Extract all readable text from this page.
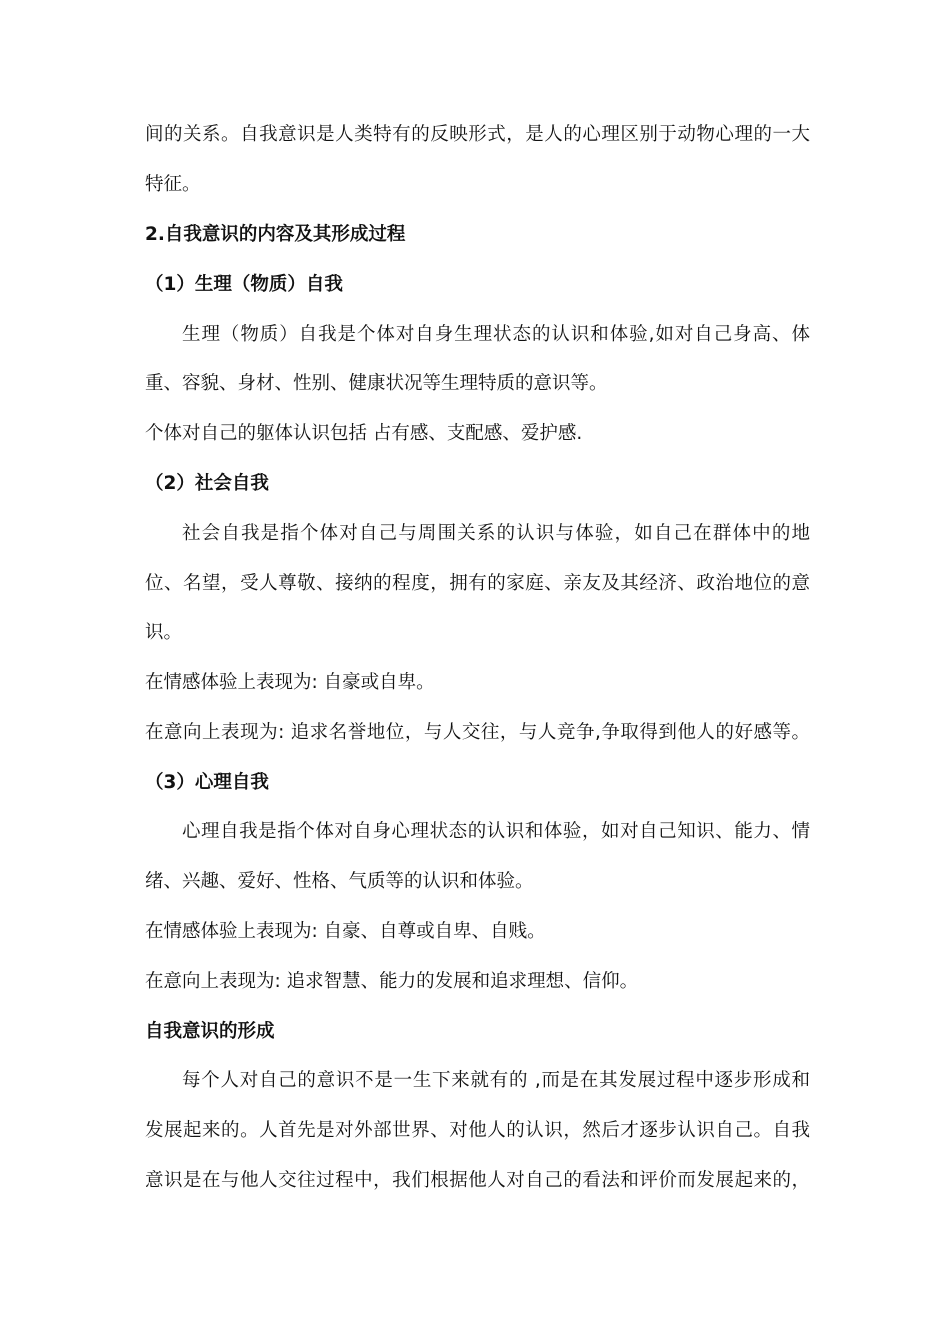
间的关系。自我意识是人类特有的反映形式，是人的心理区别于动物心理的一大
特征。
2.自我意识的内容及其形成过程
（1）生理（物质）自我
生理（物质）自我是个体对自身生理状态的认识和体验,如对自己身高、体
重、容貌、身材、性别、健康状况等生理特质的意识等。
个体对自己的躯体认识包括 占有感、支配感、爱护感.
（2）社会自我
社会自我是指个体对自己与周围关系的认识与体验，如自己在群体中的地
位、名望，受人尊敬、接纳的程度，拥有的家庭、亲友及其经济、政治地位的意
识。
在情感体验上表现为: 自豪或自卑。
在意向上表现为: 追求名誉地位，与人交往，与人竞争,争取得到他人的好感等。
（3）心理自我
心理自我是指个体对自身心理状态的认识和体验，如对自己知识、能力、情
绪、兴趣、爱好、性格、气质等的认识和体验。
在情感体验上表现为: 自豪、自尊或自卑、自贱。
在意向上表现为: 追求智慧、能力的发展和追求理想、信仰。
自我意识的形成
每个人对自己的意识不是一生下来就有的 ,而是在其发展过程中逐步形成和
发展起来的。人首先是对外部世界、对他人的认识，然后才逐步认识自己。自我
意识是在与他人交往过程中，我们根据他人对自己的看法和评价而发展起来的，
